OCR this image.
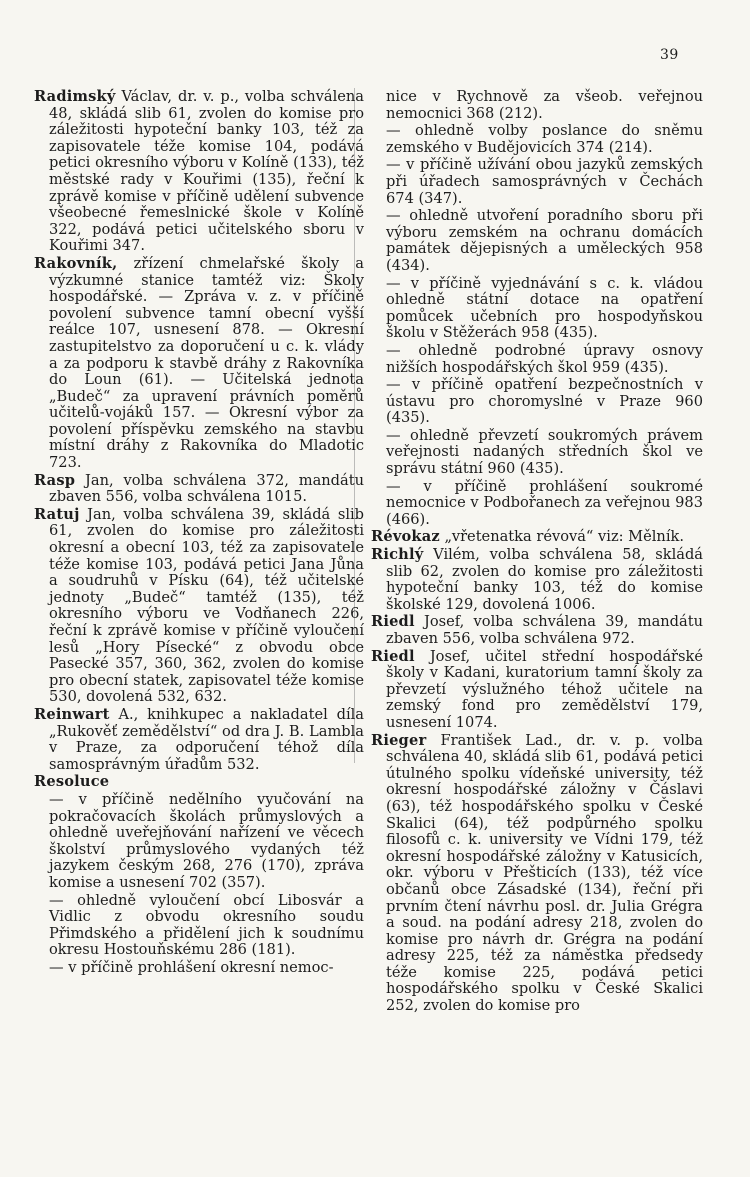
39

Radimský Václav, dr. v. p., volba schválena 48, skládá slib 61, zvolen do komise pro záležitosti hypoteční banky 103, též za zapisovatele téže komise 104, podává petici okresního výboru v Kolíně (133), též městské rady v Kouřimi (135), řeční k zprávě komise v příčině udělení subvence všeobecné řemeslnické škole v Kolíně 322, podává petici učitelského sboru v Kouřimi 347.

Rakovník, zřízení chmelařské školy a výzkumné stanice tamtéž viz: Školy hospodářské. — Zpráva v. z. v příčině povolení subvence tamní obecní vyšší reálce 107, usnesení 878. — Okresní zastupitelstvo za doporučení u c. k. vlády a za podporu k stavbě dráhy z Rakovníka do Loun (61). — Učitelská jednota „Budeč“ za upravení právních poměrů učitelů-vojáků 157. — Okresní výbor za povolení příspěvku zemského na stavbu místní dráhy z Rakovníka do Mladotic 723.

Rasp Jan, volba schválena 372, mandátu zbaven 556, volba schválena 1015.

Ratuj Jan, volba schválena 39, skládá slib 61, zvolen do komise pro záležitosti okresní a obecní 103, též za zapisovatele téže komise 103, podává petici Jana Jůna a soudruhů v Písku (64), též učitelské jednoty „Budeč“ tamtéž (135), též okresního výboru ve Vodňanech 226, řeční k zprávě komise v příčině vyloučení lesů „Hory Písecké“ z obvodu obce Pasecké 357, 360, 362, zvolen do komise pro obecní statek, zapisovatel téže komise 530, dovolená 532, 632.

Reinwart A., knihkupec a nakladatel díla „Rukověť zemědělství“ od dra J. B. Lambla v Praze, za odporučení téhož díla samosprávným úřadům 532.

Resoluce

— v příčině nedělního vyučování na pokračovacích školách průmyslových a ohledně uveřejňování nařízení ve věcech školství průmyslového vydaných též jazykem českým 268, 276 (170), zpráva komise a usnesení 702 (357).

— ohledně vyloučení obcí Libosvár a Vidlic z obvodu okresního soudu Přimdského a přidělení jich k soudnímu okresu Hostouňskému 286 (181).

— v příčině prohlášení okresní nemoc-

nice v Rychnově za všeob. veřejnou nemocnici 368 (212).

— ohledně volby poslance do sněmu zemského v Budějovicích 374 (214).

— v příčině užívání obou jazyků zemských při úřadech samosprávných v Čechách 674 (347).

— ohledně utvoření poradního sboru při výboru zemském na ochranu domácích památek dějepisných a uměleckých 958 (434).

— v příčině vyjednávání s c. k. vládou ohledně státní dotace na opatření pomůcek učebních pro hospodyňskou školu v Stěžerách 958 (435).

— ohledně podrobné úpravy osnovy nižších hospodářských škol 959 (435).

— v příčině opatření bezpečnostních v ústavu pro choromyslné v Praze 960 (435).

— ohledně převzetí soukromých právem veřejnosti nadaných středních škol ve správu státní 960 (435).

— v příčině prohlášení soukromé nemocnice v Podbořanech za veřejnou 983 (466).

Révokaz „vřetenatka révová“ viz: Mělník.

Richlý Vilém, volba schválena 58, skládá slib 62, zvolen do komise pro záležitosti hypoteční banky 103, též do komise školské 129, dovolená 1006.

Riedl Josef, volba schválena 39, mandátu zbaven 556, volba schválena 972.

Riedl Josef, učitel střední hospodářské školy v Kadani, kuratorium tamní školy za převzetí výslužného téhož učitele na zemský fond pro zemědělství 179, usnesení 1074.

Rieger František Lad., dr. v. p. volba schválena 40, skládá slib 61, podává petici útulného spolku vídeňské university, též okresní hospodářské záložny v Čáslavi (63), též hospodářského spolku v České Skalici (64), též podpůrného spolku filosofů c. k. university ve Vídni 179, též okresní hospodářské záložny v Katusicích, okr. výboru v Přešticích (133), též více občanů obce Zásadské (134), řeční při prvním čtení návrhu posl. dr. Julia Grégra a soud. na podání adresy 218, zvolen do komise pro návrh dr. Grégra na podání adresy 225, též za náměstka předsedy téže komise 225, podává petici hospodářského spolku v České Skalici 252, zvolen do komise pro
